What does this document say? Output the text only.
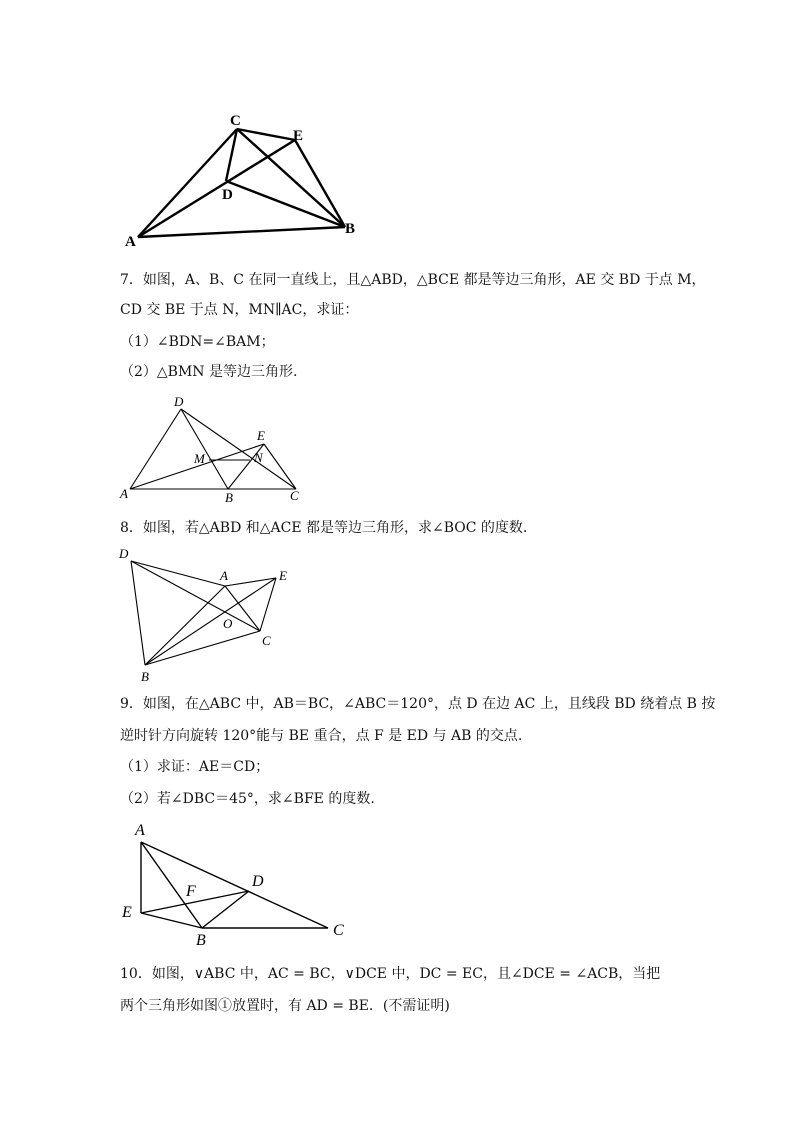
C
E
D
A
B
7．如图，A、B、C 在同一直线上，且△ABD，△BCE 都是等边三角形，AE 交 BD 于点 M，
CD 交 BE 于点 N，MN∥AC，求证：
（1）∠BDN=∠BAM；
（2）△BMN 是等边三角形.
D
E
M	N
A	B	C
8．如图，若△ABD 和△ACE 都是等边三角形，求∠BOC 的度数.
D
A	E
O
C
B
9．如图，在△ABC 中，AB＝BC，∠ABC＝120°，点 D 在边 AC 上，且线段 BD 绕着点 B 按
逆时针方向旋转 120°能与 BE 重合，点 F 是 ED 与 AB 的交点.
（1）求证：AE＝CD；
（2）若∠DBC＝45°，求∠BFE 的度数.
A
E
F
D
B
C
10．如图，∨ABC 中，AC = BC，∨DCE 中，DC = EC，且∠DCE = ∠ACB，当把
两个三角形如图①放置时，有 AD = BE．(不需证明)
